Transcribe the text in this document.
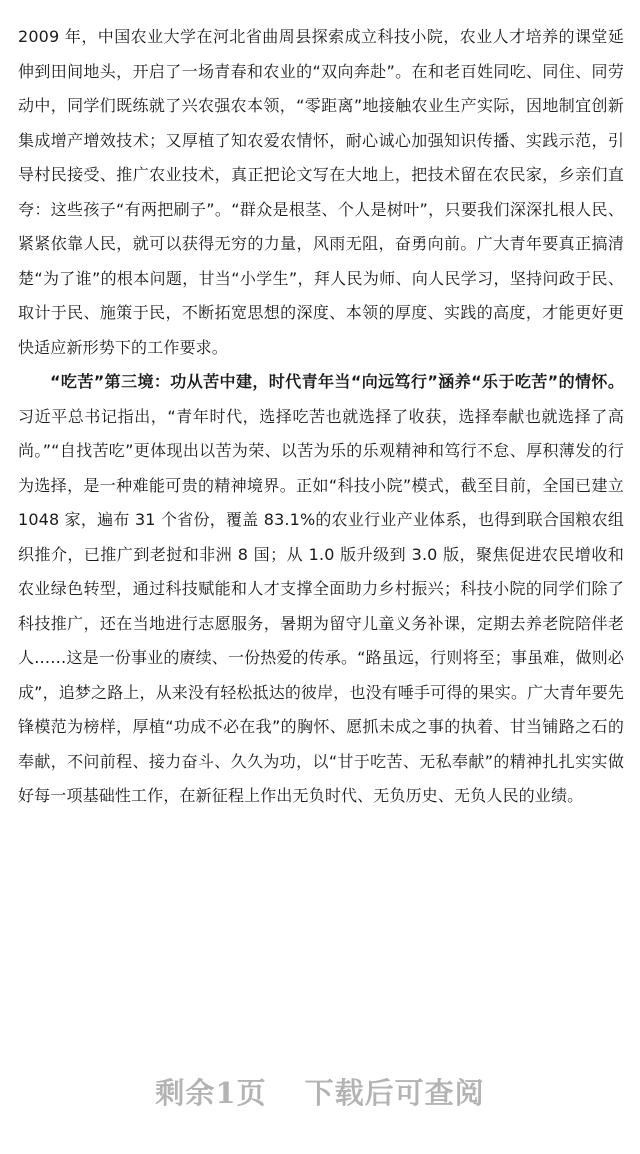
2009 年，中国农业大学在河北省曲周县探索成立科技小院，农业人才培养的课堂延伸到田间地头，开启了一场青春和农业的“双向奔赴”。在和老百姓同吃、同住、同劳动中，同学们既练就了兴农强农本领，“零距离”地接触农业生产实际，因地制宜创新集成增产增效技术；又厚植了知农爱农情怀，耐心诚心加强知识传播、实践示范，引导村民接受、推广农业技术，真正把论文写在大地上，把技术留在农民家，乡亲们直夸：这些孩子“有两把刷子”。“群众是根茎、个人是树叶”，只要我们深深扎根人民、紧紧依靠人民，就可以获得无穷的力量，风雨无阻，奋勇向前。广大青年要真正搞清楚“为了谁”的根本问题，甘当“小学生”，拜人民为师、向人民学习，坚持问政于民、取计于民、施策于民，不断拓宽思想的深度、本领的厚度、实践的高度，才能更好更快适应新形势下的工作要求。

“吃苦”第三境：功从苦中建，时代青年当“向远笃行”涵养“乐于吃苦”的情怀。习近平总书记指出，“青年时代，选择吃苦也就选择了收获，选择奉献也就选择了高尚。”“自找苦吃”更体现出以苦为荣、以苦为乐的乐观精神和笃行不怠、厚积薄发的行为选择，是一种难能可贵的精神境界。正如“科技小院”模式，截至目前，全国已建立 1048 家，遍布 31 个省份，覆盖 83.1%的农业行业产业体系，也得到联合国粮农组织推介，已推广到老挝和非洲 8 国；从 1.0 版升级到 3.0 版，聚焦促进农民增收和农业绿色转型，通过科技赋能和人才支撑全面助力乡村振兴；科技小院的同学们除了科技推广，还在当地进行志愿服务，暑期为留守儿童义务补课，定期去养老院陪伴老人……这是一份事业的赓续、一份热爱的传承。“路虽远，行则将至；事虽难，做则必成”，追梦之路上，从来没有轻松抵达的彼岸，也没有唾手可得的果实。广大青年要先锋模范为榜样，厚植“功成不必在我”的胸怀、愿抓未成之事的执着、甘当铺路之石的奉献，不问前程、接力奋斗、久久为功，以“甘于吃苦、无私奉献”的精神扎扎实实做好每一项基础性工作，在新征程上作出无负时代、无负历史、无负人民的业绩。

剩余1页 下载后可查阅
